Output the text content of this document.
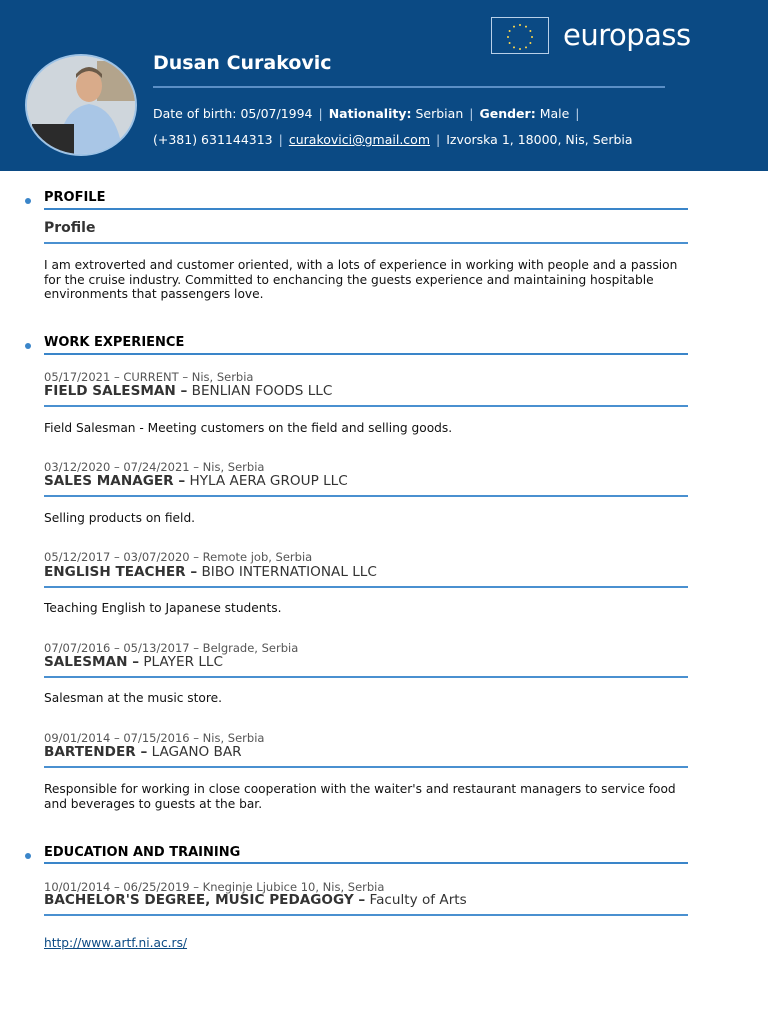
Dusan Curakovic
Date of birth: 05/07/1994 | Nationality: Serbian | Gender: Male |
(+381) 631144313 | curakovici@gmail.com | Izvorska 1, 18000, Nis, Serbia
europass
PROFILE
Profile
I am extroverted and customer oriented, with a lots of experience in working with people and a passion for the cruise industry. Committed to enchancing the guests experience and maintaining hospitable environments that passengers love.
WORK EXPERIENCE
05/17/2021 – CURRENT – Nis, Serbia
FIELD SALESMAN – BENLIAN FOODS LLC
Field Salesman - Meeting customers on the field and selling goods.
03/12/2020 – 07/24/2021 – Nis, Serbia
SALES MANAGER – HYLA AERA GROUP LLC
Selling products on field.
05/12/2017 – 03/07/2020 – Remote job, Serbia
ENGLISH TEACHER – BIBO INTERNATIONAL LLC
Teaching English to Japanese students.
07/07/2016 – 05/13/2017 – Belgrade, Serbia
SALESMAN – PLAYER LLC
Salesman at the music store.
09/01/2014 – 07/15/2016 – Nis, Serbia
BARTENDER – LAGANO BAR
Responsible for working in close cooperation with the waiter's and restaurant managers to service food and beverages to guests at the bar.
EDUCATION AND TRAINING
10/01/2014 – 06/25/2019 – Kneginje Ljubice 10, Nis, Serbia
BACHELOR'S DEGREE, MUSIC PEDAGOGY – Faculty of Arts
http://www.artf.ni.ac.rs/
